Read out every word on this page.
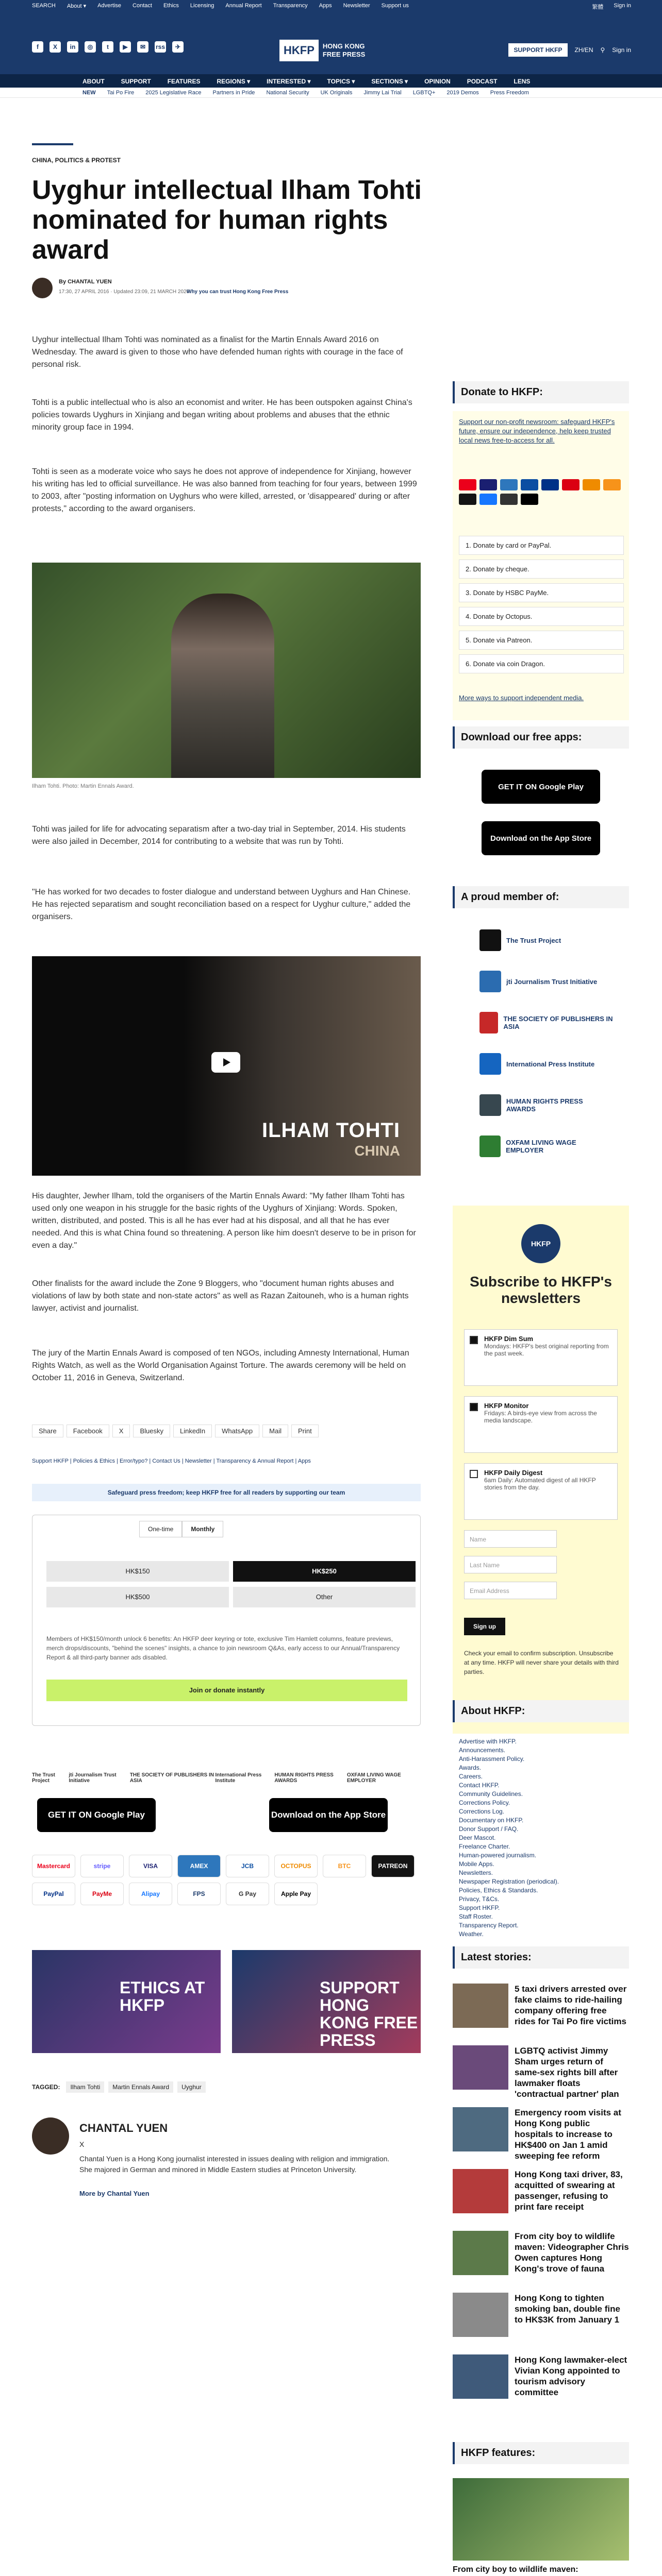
SEARCH About ▾ Advertise Contact Ethics Licensing Annual Report Transparency Apps Newsletter Support us	繁體 Sign in
f	X	in	◎	t	▶	✉	rss	✈	HKFP	HONG KONG FREE PRESS
SUPPORT HKFP	ZH/EN ⚲ Sign in
ABOUT	SUPPORT	FEATURES	REGIONS ▾	INTERESTED ▾	TOPICS ▾	SECTIONS ▾	OPINION	PODCAST	LENS
NEW Tai Po Fire 2025 Legislative Race Partners in Pride National Security UK Originals Jimmy Lai Trial LGBTQ+ 2019 Demos Press Freedom
CHINA, POLITICS & PROTEST
Uyghur intellectual Ilham Tohti nominated for human rights award
By CHANTAL YUEN
17:30, 27 APRIL 2016 · Updated 23:09, 21 MARCH 2020
Why you can trust Hong Kong Free Press

Uyghur intellectual Ilham Tohti was nominated as a finalist for the Martin Ennals Award 2016 on Wednesday. The award is given to those who have defended human rights with courage in the face of personal risk.

Tohti is a public intellectual who is also an economist and writer. He has been outspoken against China's policies towards Uyghurs in Xinjiang and began writing about problems and abuses that the ethnic minority group face in 1994.

Tohti is seen as a moderate voice who says he does not approve of independence for Xinjiang, however his writing has led to official surveillance. He was also banned from teaching for four years, between 1999 to 2003, after "posting information on Uyghurs who were killed, arrested, or 'disappeared' during or after protests," according to the award organisers.

Ilham Tohti. Photo: Martin Ennals Award.

Tohti was jailed for life for advocating separatism after a two-day trial in September, 2014. His students were also jailed in December, 2014 for contributing to a website that was run by Tohti.

"He has worked for two decades to foster dialogue and understand between Uyghurs and Han Chinese. He has rejected separatism and sought reconciliation based on a respect for Uyghur culture," added the organisers.

ILHAM TOHTI
CHINA

His daughter, Jewher Ilham, told the organisers of the Martin Ennals Award: "My father Ilham Tohti has used only one weapon in his struggle for the basic rights of the Uyghurs of Xinjiang: Words. Spoken, written, distributed, and posted. This is all he has ever had at his disposal, and all that he has ever needed. And this is what China found so threatening. A person like him doesn't deserve to be in prison for even a day."

Other finalists for the award include the Zone 9 Bloggers, who "document human rights abuses and violations of law by both state and non-state actors" as well as Razan Zaitouneh, who is a human rights lawyer, activist and journalist.

The jury of the Martin Ennals Award is composed of ten NGOs, including Amnesty International, Human Rights Watch, as well as the World Organisation Against Torture. The awards ceremony will be held on October 11, 2016 in Geneva, Switzerland.

Share	Facebook	X	Bluesky	LinkedIn	WhatsApp	Mail	Print
Support HKFP | Policies & Ethics | Error/typo? | Contact Us | Newsletter | Transparency & Annual Report | Apps
Safeguard press freedom; keep HKFP free for all readers by supporting our team
One-time	Monthly
HK$150	HK$250
HK$500	Other

Members of HK$150/month unlock 6 benefits: An HKFP deer keyring or tote, exclusive Tim Hamlett columns, feature previews, merch drops/discounts, "behind the scenes" insights, a chance to join newsroom Q&As, early access to our Annual/Transparency Report & all third-party banner ads disabled.

Join or donate instantly
The Trust Project
jti Journalism Trust Initiative
THE SOCIETY OF PUBLISHERS IN ASIA
International Press Institute
HUMAN RIGHTS PRESS AWARDS
OXFAM LIVING WAGE EMPLOYER
GET IT ON Google Play	Download on the App Store
Mastercard	stripe	VISA	AMEX	JCB	OCTOPUS	BTC	PATREON
PayPal	PayMe	Alipay	FPS	G Pay	Apple Pay
ETHICS AT HKFP
SUPPORT HONG KONG FREE PRESS
TAGGED:	Ilham Tohti	Martin Ennals Award	Uyghur
CHANTAL YUEN
X
Chantal Yuen is a Hong Kong journalist interested in issues dealing with religion and immigration. She majored in German and minored in Middle Eastern studies at Princeton University.
More by Chantal Yuen
Donate to HKFP:

Support our non-profit newsroom: safeguard HKFP's future, ensure our independence, help keep trusted local news free-to-access for all.

1. Donate by card or PayPal.
2. Donate by cheque.
3. Donate by HSBC PayMe.
4. Donate by Octopus.
5. Donate via Patreon.
6. Donate via coin Dragon.

More ways to support independent media.

Download our free apps:
GET IT ON Google Play
Download on the App Store
A proud member of:
The Trust Project
jti Journalism Trust Initiative
THE SOCIETY OF PUBLISHERS IN ASIA
International Press Institute
HUMAN RIGHTS PRESS AWARDS
OXFAM LIVING WAGE EMPLOYER
HKFP
Subscribe to HKFP's newsletters
HKFP Dim Sum
Mondays: HKFP's best original reporting from the past week.
HKFP Monitor
Fridays: A birds-eye view from across the media landscape.
HKFP Daily Digest
6am Daily: Automated digest of all HKFP stories from the day.
Name
Last Name
Email Address
Sign up

Check your email to confirm subscription. Unsubscribe at any time. HKFP will never share your details with third parties.

About HKFP:
Advertise with HKFP.
Announcements.
Anti-Harassment Policy.
Awards.
Careers.
Contact HKFP.
Community Guidelines.
Corrections Policy.
Corrections Log.
Documentary on HKFP.
Donor Support / FAQ.
Deer Mascot.
Freelance Charter.
Human-powered journalism.
Mobile Apps.
Newsletters.
Newspaper Registration (periodical).
Policies, Ethics & Standards.
Privacy, T&Cs.
Support HKFP.
Staff Roster.
Transparency Report.
Weather.
Latest stories:
5 taxi drivers arrested over fake claims to ride-hailing company offering free rides for Tai Po fire victims
LGBTQ activist Jimmy Sham urges return of same-sex rights bill after lawmaker floats 'contractual partner' plan
Emergency room visits at Hong Kong public hospitals to increase to HK$400 on Jan 1 amid sweeping fee reform
Hong Kong taxi driver, 83, acquitted of swearing at passenger, refusing to print fare receipt
From city boy to wildlife maven: Videographer Chris Owen captures Hong Kong's trove of fauna
Hong Kong to tighten smoking ban, double fine to HK$3K from January 1
Hong Kong lawmaker-elect Vivian Kong appointed to tourism advisory committee
HKFP features:
From city boy to wildlife maven:
